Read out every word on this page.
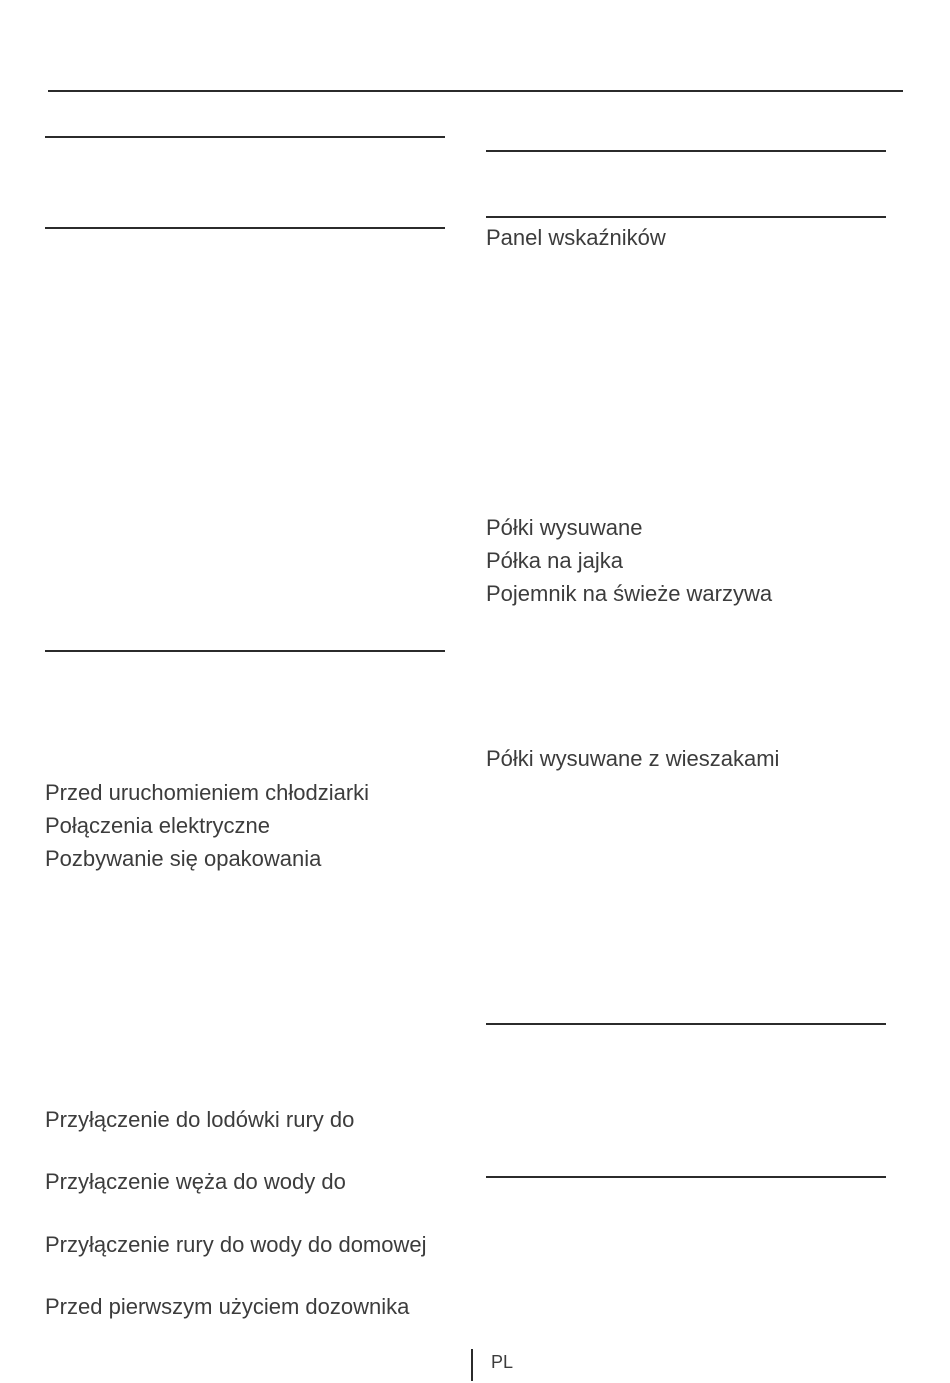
Przed uruchomieniem chłodziarki
Połączenia elektryczne
Pozbywanie się opakowania
Przyłączenie do lodówki rury do
Przyłączenie węża do wody do
Przyłączenie rury do wody do domowej
Przed pierwszym użyciem dozownika
Panel wskaźników
Półki wysuwane
Półka na jajka
Pojemnik na świeże warzywa
Półki wysuwane z wieszakami
PL
